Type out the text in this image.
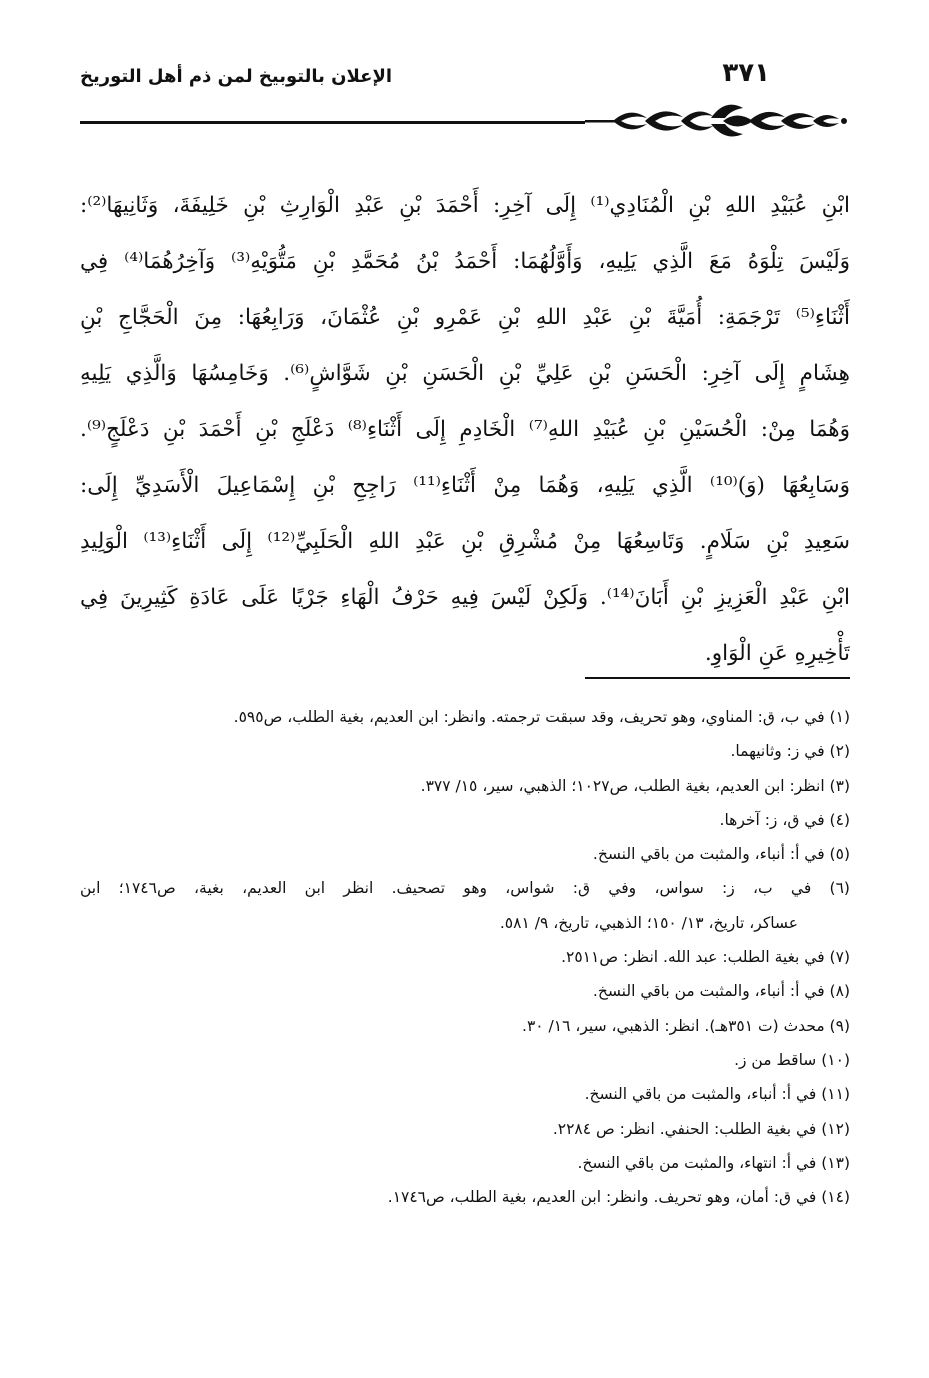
الإعلان بالتوبيخ لمن ذم أهل التوريخ	٣٧١
ابْنِ عُبَيْدِ اللهِ بْنِ الْمُنَادِي⁽¹⁾ إِلَى آخِرِ: أَحْمَدَ بْنِ عَبْدِ الْوَارِثِ بْنِ خَلِيفَةَ، وَثَانِيهَا⁽²⁾:
وَلَيْسَ تِلْوَهُ مَعَ الَّذِي يَلِيهِ، وَأَوَّلُهُمَا: أَحْمَدُ بْنُ مُحَمَّدِ بْنِ مَتُّوَيْهِ⁽³⁾ وَآخِرُهُمَا⁽⁴⁾ فِي
أَثْنَاءِ⁽⁵⁾ تَرْجَمَةِ: أُمَيَّةَ بْنِ عَبْدِ اللهِ بْنِ عَمْرِو بْنِ عُثْمَانَ، وَرَابِعُهَا: مِنَ الْحَجَّاجِ بْنِ
هِشَامٍ إِلَى آخِرِ: الْحَسَنِ بْنِ عَلِيِّ بْنِ الْحَسَنِ بْنِ شَوَّاشٍ⁽⁶⁾. وَخَامِسُهَا وَالَّذِي يَلِيهِ
وَهُمَا مِنْ: الْحُسَيْنِ بْنِ عُبَيْدِ اللهِ⁽⁷⁾ الْخَادِمِ إِلَى أَثْنَاءِ⁽⁸⁾ دَعْلَجِ بْنِ أَحْمَدَ بْنِ دَعْلَجٍ⁽⁹⁾.
وَسَابِعُهَا (وَ)⁽¹⁰⁾ الَّذِي يَلِيهِ، وَهُمَا مِنْ أَثْنَاءِ⁽¹¹⁾ رَاجِحِ بْنِ إِسْمَاعِيلَ الْأَسَدِيِّ إِلَى:
سَعِيدِ بْنِ سَلَامٍ. وَتَاسِعُهَا مِنْ مُشْرِقِ بْنِ عَبْدِ اللهِ الْحَلَبِيِّ⁽¹²⁾ إِلَى أَثْنَاءِ⁽¹³⁾ الْوَلِيدِ
ابْنِ عَبْدِ الْعَزِيزِ بْنِ أَبَانَ⁽¹⁴⁾. وَلَكِنْ لَيْسَ فِيهِ حَرْفُ الْهَاءِ جَرْيًا عَلَى عَادَةِ كَثِيرِينَ فِي
تَأْخِيرِهِ عَنِ الْوَاوِ.
(١) في ب، ق: المناوي، وهو تحريف، وقد سبقت ترجمته. وانظر: ابن العديم، بغية الطلب، ص٥٩٥.
(٢) في ز: وثانيهما.
(٣) انظر: ابن العديم، بغية الطلب، ص١٠٢٧؛ الذهبي، سير، ١٥/ ٣٧٧.
(٤) في ق، ز: آخرها.
(٥) في أ: أنباء، والمثبت من باقي النسخ.
(٦) في ب، ز: سواس، وفي ق: شواس، وهو تصحيف. انظر ابن العديم، بغية، ص١٧٤٦؛ ابن
عساكر، تاريخ، ١٣/ ١٥٠؛ الذهبي، تاريخ، ٩/ ٥٨١.
(٧) في بغية الطلب: عبد الله. انظر: ص٢٥١١.
(٨) في أ: أنباء، والمثبت من باقي النسخ.
(٩) محدث (ت ٣٥١هـ). انظر: الذهبي، سير، ١٦/ ٣٠.
(١٠) ساقط من ز.
(١١) في أ: أنباء، والمثبت من باقي النسخ.
(١٢) في بغية الطلب: الحنفي. انظر: ص ٢٢٨٤.
(١٣) في أ: انتهاء، والمثبت من باقي النسخ.
(١٤) في ق: أمان، وهو تحريف. وانظر: ابن العديم، بغية الطلب، ص١٧٤٦.
